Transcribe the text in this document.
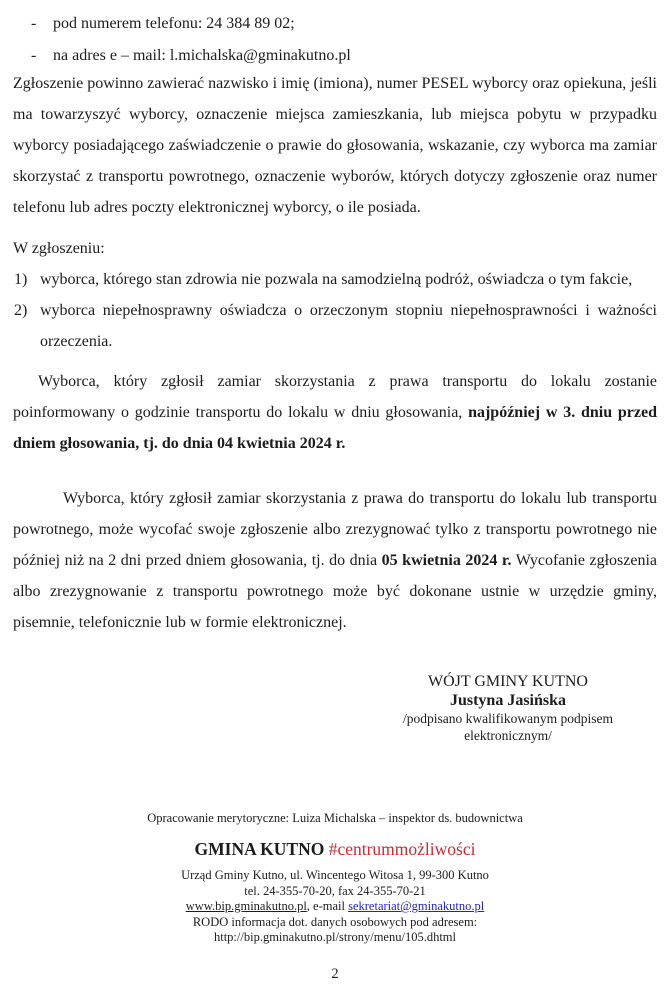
-	pod numerem telefonu: 24 384 89 02;
-	na adres e – mail: l.michalska@gminakutno.pl

Zgłoszenie powinno zawierać nazwisko i imię (imiona), numer PESEL wyborcy oraz opiekuna, jeśli ma towarzyszyć wyborcy, oznaczenie miejsca zamieszkania, lub miejsca pobytu w przypadku wyborcy posiadającego zaświadczenie o prawie do głosowania, wskazanie, czy wyborca ma zamiar skorzystać z transportu powrotnego, oznaczenie wyborów, których dotyczy zgłoszenie oraz numer telefonu lub adres poczty elektronicznej wyborcy, o ile posiada.

W zgłoszeniu:
1) wyborca, którego stan zdrowia nie pozwala na samodzielną podróż, oświadcza o tym fakcie,
2) wyborca niepełnosprawny oświadcza o orzeczonym stopniu niepełnosprawności i ważności orzeczenia.

Wyborca, który zgłosił zamiar skorzystania z prawa transportu do lokalu zostanie poinformowany o godzinie transportu do lokalu w dniu głosowania, najpóźniej w 3. dniu przed dniem głosowania, tj. do dnia 04 kwietnia 2024 r.

Wyborca, który zgłosił zamiar skorzystania z prawa do transportu do lokalu lub transportu powrotnego, może wycofać swoje zgłoszenie albo zrezygnować tylko z transportu powrotnego nie później niż na 2 dni przed dniem głosowania, tj. do dnia 05 kwietnia 2024 r. Wycofanie zgłoszenia albo zrezygnowanie z transportu powrotnego może być dokonane ustnie w urzędzie gminy, pisemnie, telefonicznie lub w formie elektronicznej.

WÓJT GMINY KUTNO
Justyna Jasińska
/podpisano kwalifikowanym podpisem elektronicznym/
Opracowanie merytoryczne: Luiza Michalska – inspektor ds. budownictwa
GMINA KUTNO #centrummożliwości
Urząd Gminy Kutno, ul. Wincentego Witosa 1, 99-300 Kutno
tel. 24-355-70-20, fax 24-355-70-21
www.bip.gminakutno.pl, e-mail sekretariat@gminakutno.pl
RODO informacja dot. danych osobowych pod adresem:
http://bip.gminakutno.pl/strony/menu/105.dhtml
2
